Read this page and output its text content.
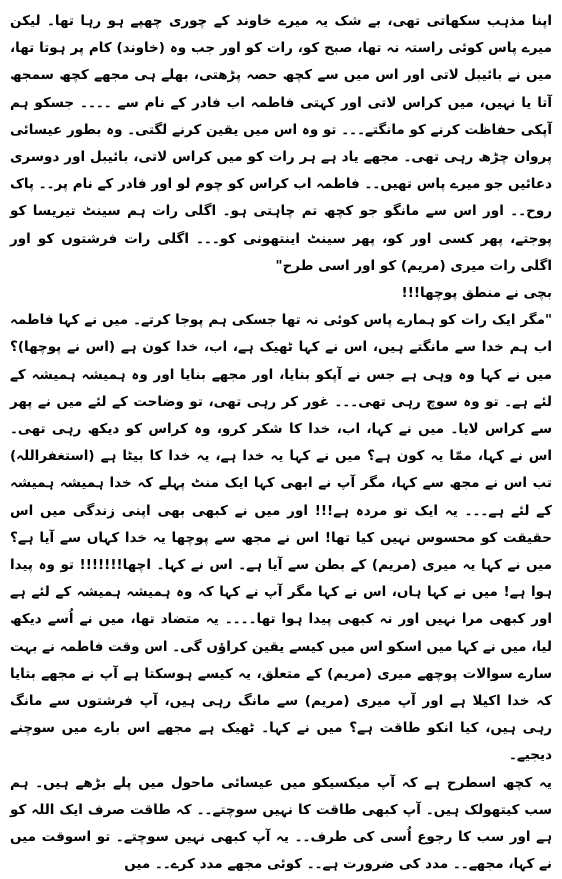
اپنا مذہب سکھاتی تھی، بے شک یہ میرے خاوند کے چوری چھپے ہو رہا تھا۔ لیکن میرے پاس کوئی راستہ نہ تھا، صبح کو، رات کو اور جب وہ (خاوند) کام پر ہوتا تھا، میں نے بائیبل لاتی اور اس میں سے کچھ حصہ پڑھتی، بھلے ہی مجھے کچھ سمجھ آتا یا نہیں، میں کراس لاتی اور کہتی فاطمہ اب فادر کے نام سے ۔۔۔۔ جسکو ہم آپکی حفاظت کرنے کو مانگتے۔۔۔ تو وہ اس میں یقین کرنے لگتی۔ وہ بطور عیسائی پروان چڑھ رہی تھی۔ مجھے یاد ہے ہر رات کو میں کراس لاتی، بائیبل اور دوسری دعائیں جو میرے پاس تھیں۔۔ فاطمہ اب کراس کو چوم لو اور فادر کے نام پر۔۔ پاک روح۔۔ اور اس سے مانگو جو کچھ تم چاہتی ہو۔ اگلی رات ہم سینٹ تیریسا کو پوجتے، پھر کسی اور کو، پھر سینٹ اینتھونی کو۔۔۔ اگلی رات فرشتوں کو اور اگلی رات میری (مریم) کو اور اسی طرح"

بچی نے منطق پوچھا!!!

"مگر ایک رات کو ہمارے پاس کوئی نہ تھا جسکی ہم پوجا کرتے۔ میں نے کہا فاطمہ اب ہم خدا سے مانگتے ہیں، اس نے کہا ٹھیک ہے، اب، خدا کون ہے (اس نے پوچھا)؟ میں نے کہا وہ وہی ہے جس نے آپکو بنایا، اور مجھے بنایا اور وہ ہمیشہ ہمیشہ کے لئے ہے۔ تو وہ سوچ رہی تھی۔۔۔ غور کر رہی تھی، تو وضاحت کے لئے میں نے پھر سے کراس لایا۔ میں نے کہا، اب، خدا کا شکر کرو، وہ کراس کو دیکھ رہی تھی۔ اس نے کہا، ممّا یہ کون ہے؟ میں نے کہا یہ خدا ہے، یہ خدا کا بیٹا ہے (استغفراللہ) تب اس نے مجھ سے کہا، مگر آپ نے ابھی کہا ایک منٹ پہلے کہ خدا ہمیشہ ہمیشہ کے لئے ہے۔۔۔ یہ ایک تو مردہ ہے!!! اور میں نے کبھی بھی اپنی زندگی میں اس حقیقت کو محسوس نہیں کیا تھا! اس نے مجھ سے پوچھا یہ خدا کہاں سے آیا ہے؟ میں نے کہا یہ میری (مریم) کے بطن سے آیا ہے۔ اس نے کہا۔ اچھا!!!!!!! تو وہ پیدا ہوا ہے! میں نے کہا ہاں، اس نے کہا مگر آپ نے کہا کہ وہ ہمیشہ ہمیشہ کے لئے ہے اور کبھی مرا نہیں اور نہ کبھی پیدا ہوا تھا۔۔۔۔ یہ متضاد تھا، میں نے اُسے دیکھ لیا، میں نے کہا میں اسکو اس میں کیسے یقین کراؤں گی۔ اس وقت فاطمہ نے بہت سارے سوالات پوچھے میری (مریم) کے متعلق، یہ کیسے ہوسکتا ہے آپ نے مجھے بتایا کہ خدا اکیلا ہے اور آپ میری (مریم) سے مانگ رہی ہیں، آپ فرشتوں سے مانگ رہی ہیں، کیا انکو طاقت ہے؟ میں نے کہا۔ ٹھیک ہے مجھے اس بارے میں سوچنے دیجیے۔

یہ کچھ اسطرح ہے کہ آپ میکسیکو میں عیسائی ماحول میں پلے بڑھے ہیں۔ ہم سب کیتھولک ہیں۔ آپ کبھی طاقت کا نہیں سوچتے۔۔ کہ طاقت صرف ایک اللہ کو ہے اور سب کا رجوع اُسی کی طرف۔۔ یہ آپ کبھی نہیں سوچتے۔ تو اسوقت میں نے کہا، مجھے۔۔ مدد کی ضرورت ہے۔۔ کوئی مجھے مدد کرے۔۔ میں
